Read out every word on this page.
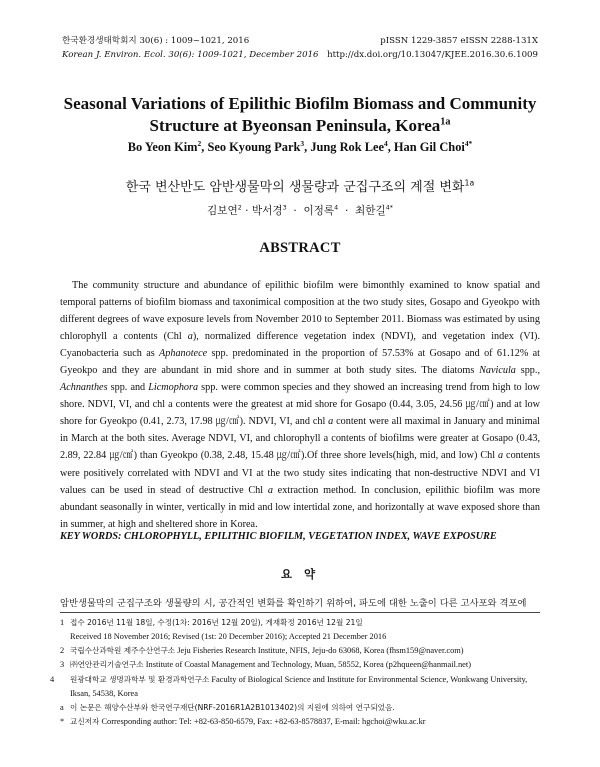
한국환경생태학회지 30(6) : 1009~1021, 2016
Korean J. Environ. Ecol. 30(6): 1009-1021, December 2016
pISSN 1229-3857 eISSN 2288-131X
http://dx.doi.org/10.13047/KJEE.2016.30.6.1009
Seasonal Variations of Epilithic Biofilm Biomass and Community
Structure at Byeonsan Peninsula, Korea$^{1a}$
Bo Yeon Kim$^2$, Seo Kyoung Park$^3$, Jung Rok Lee$^4$, Han Gil Choi$^{4*}$
한국 변산반도 암반생물막의 생물량과 군집구조의 계절 변화$^{1a}$
김보연$^2$ · 박서경$^3$  ·  이정록$^4$  ·  최한길$^{4*}$
ABSTRACT

The community structure and abundance of epilithic biofilm were bimonthly examined to know spatial and temporal patterns of biofilm biomass and taxonimical composition at the two study sites, Gosapo and Gyeokpo with different degrees of wave exposure levels from November 2010 to September 2011. Biomass was estimated by using chlorophyll a contents (Chl a), normalized difference vegetation index (NDVI), and vegetation index (VI). Cyanobacteria such as Aphanotece spp. predominated in the proportion of 57.53% at Gosapo and of 61.12% at Gyeokpo and they are abundant in mid shore and in summer at both study sites. The diatoms Navicula spp., Achnanthes spp. and Licmophora spp. were common species and they showed an increasing trend from high to low shore. NDVI, VI, and chl a contents were the greatest at mid shore for Gosapo (0.44, 3.05, 24.56 ㎍/㎠) and at low shore for Gyeokpo (0.41, 2.73, 17.98 ㎍/㎠). NDVI, VI, and chl a content were all maximal in January and minimal in March at the both sites. Average NDVI, VI, and chlorophyll a contents of biofilms were greater at Gosapo (0.43, 2.89, 22.84 ㎍/㎠) than Gyeokpo (0.38, 2.48, 15.48 ㎍/㎠).Of three shore levels(high, mid, and low) Chl a contents were positively correlated with NDVI and VI at the two study sites indicating that non-destructive NDVI and VI values can be used in stead of destructive Chl a extraction method. In conclusion, epilithic biofilm was more abundant seasonally in winter, vertically in mid and low intertidal zone, and horizontally at wave exposed shore than in summer, at high and sheltered shore in Korea.

KEY WORDS: CHLOROPHYLL, EPILITHIC BIOFILM, VEGETATION INDEX, WAVE EXPOSURE
요 약
암반생물막의 군집구조와 생물량의 시, 공간적인 변화를 확인하기 위하여, 파도에 대한 노출이 다른 고사포와 격포에
1 접수 2016년 11월 18일, 수정(1차: 2016년 12월 20일), 게재확정 2016년 12월 21일
Received 18 November 2016; Revised (1st: 20 December 2016); Accepted 21 December 2016
2 국립수산과학원 제주수산연구소 Jeju Fisheries Research Institute, NFIS, Jeju-do 63068, Korea (fhsm159@naver.com)
3 ㈜연안관리기술연구소 Institute of Coastal Management and Technology, Muan, 58552, Korea (p2hqueen@hanmail.net)
4 원광대학교 생명과학부 및 환경과학연구소 Faculty of Biological Science and Institute for Environmental Science, Wonkwang University, Iksan, 54538, Korea
a 이 논문은 해양수산부와 한국연구재단(NRF-2016R1A2B1013402)의 지원에 의하여 연구되었음.
* 교신저자 Corresponding author: Tel: +82-63-850-6579, Fax: +82-63-8578837, E-mail: hgchoi@wku.ac.kr
